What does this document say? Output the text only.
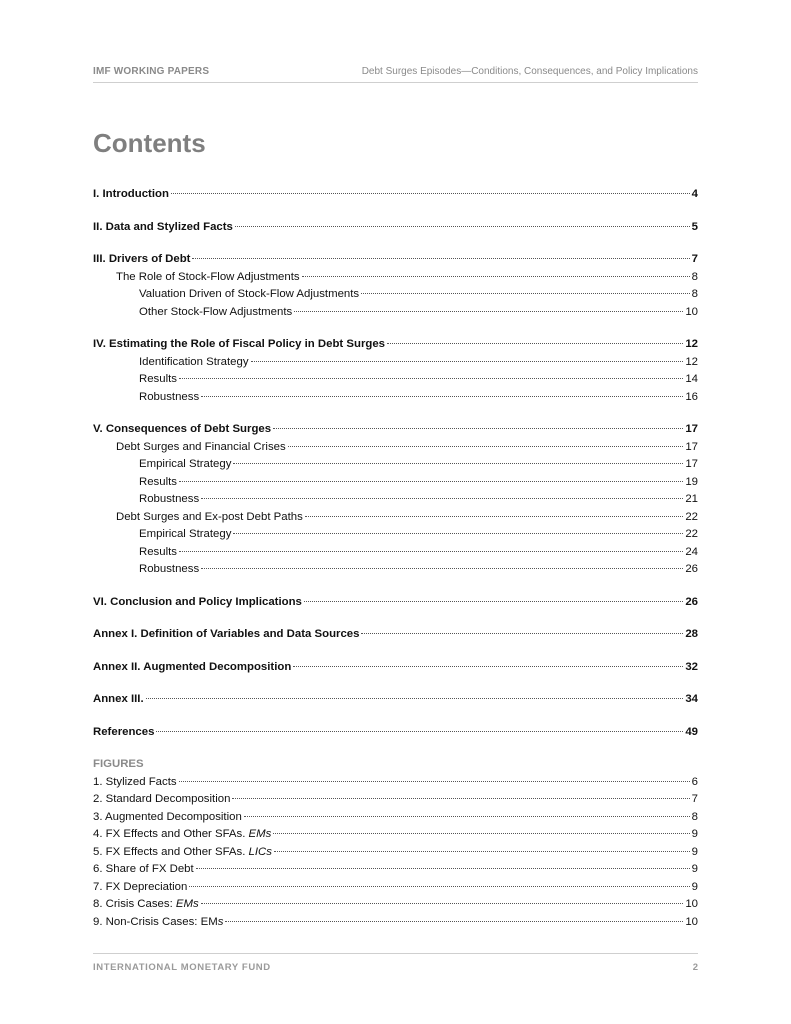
IMF WORKING PAPERS	Debt Surges Episodes—Conditions, Consequences, and Policy Implications
Contents
I. Introduction	4
II. Data and Stylized Facts	5
III. Drivers of Debt	7
The Role of Stock-Flow Adjustments	8
Valuation Driven of Stock-Flow Adjustments	8
Other Stock-Flow Adjustments	10
IV. Estimating the Role of Fiscal Policy in Debt Surges	12
Identification Strategy	12
Results	14
Robustness	16
V. Consequences of Debt Surges	17
Debt Surges and Financial Crises	17
Empirical Strategy	17
Results	19
Robustness	21
Debt Surges and Ex-post Debt Paths	22
Empirical Strategy	22
Results	24
Robustness	26
VI. Conclusion and Policy Implications	26
Annex I. Definition of Variables and Data Sources	28
Annex II. Augmented Decomposition	32
Annex III.	34
References	49
FIGURES
1. Stylized Facts	6
2. Standard Decomposition	7
3. Augmented Decomposition	8
4. FX Effects and Other SFAs. EMs	9
5. FX Effects and Other SFAs. LICs	9
6. Share of FX Debt	9
7. FX Depreciation	9
8. Crisis Cases: EMs	10
9. Non-Crisis Cases: EMs	10
INTERNATIONAL MONETARY FUND	2
